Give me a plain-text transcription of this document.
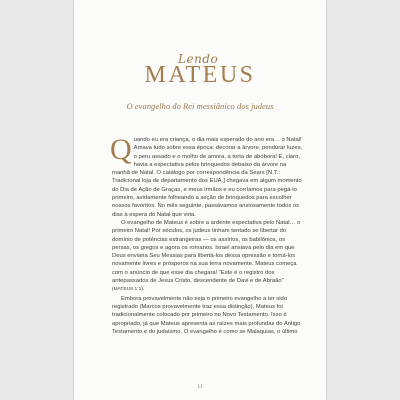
Lendo
MATEUS
O evangelho do Rei messiânico dos judeus

Quando eu era criança, o dia mais esperado do ano era… o Natal! Amava tudo sobre essa época: decorar a árvore, pendurar luzes, o peru assado e o molho de amora, a torta de abóbora! E, claro, havia a expectativa pelos brinquedos debaixo da árvore na manhã de Natal. O catálogo por correspondência da Sears [N.T.: Tradicional loja de departamento dos EUA.] chegava em algum momento do Dia de Ação de Graças, e meus irmãos e eu corríamos para pegá-lo primeiro, avidamente folheando a seção de brinquedos para escolher nossos favoritos. No mês seguinte, passávamos ansiosamente todos os dias à espera do Natal que viria.

O evangelho de Mateus é sobre a ardente expectativa pelo Natal… o primeiro Natal! Por séculos, os judeus tinham tentado se libertar do domínio de potências estrangeiras — os assírios, os babilônios, os persas, os gregos e agora os romanos. Israel ansiava pelo dia em que Deus enviaria Seu Messias para libertá-los dessa opressão e torná-los novamente livres e prósperos na sua terra novamente. Mateus começa com o anúncio de que esse dia chegara! “Este é o registro dos antepassados de Jesus Cristo, descendente de Davi e de Abraão” (MATEUS 1:1).

Embora provavelmente não seja o primeiro evangelho a ter sido registrado (Marcos provavelmente traz essa distinção), Mateus foi tradicionalmente colocado por primeiro no Novo Testamento. Isso é apropriado, já que Mateus apresenta as raízes mais profundas do Antigo Testamento e do judaísmo. O evangelho é como se Malaquias, o último

11
